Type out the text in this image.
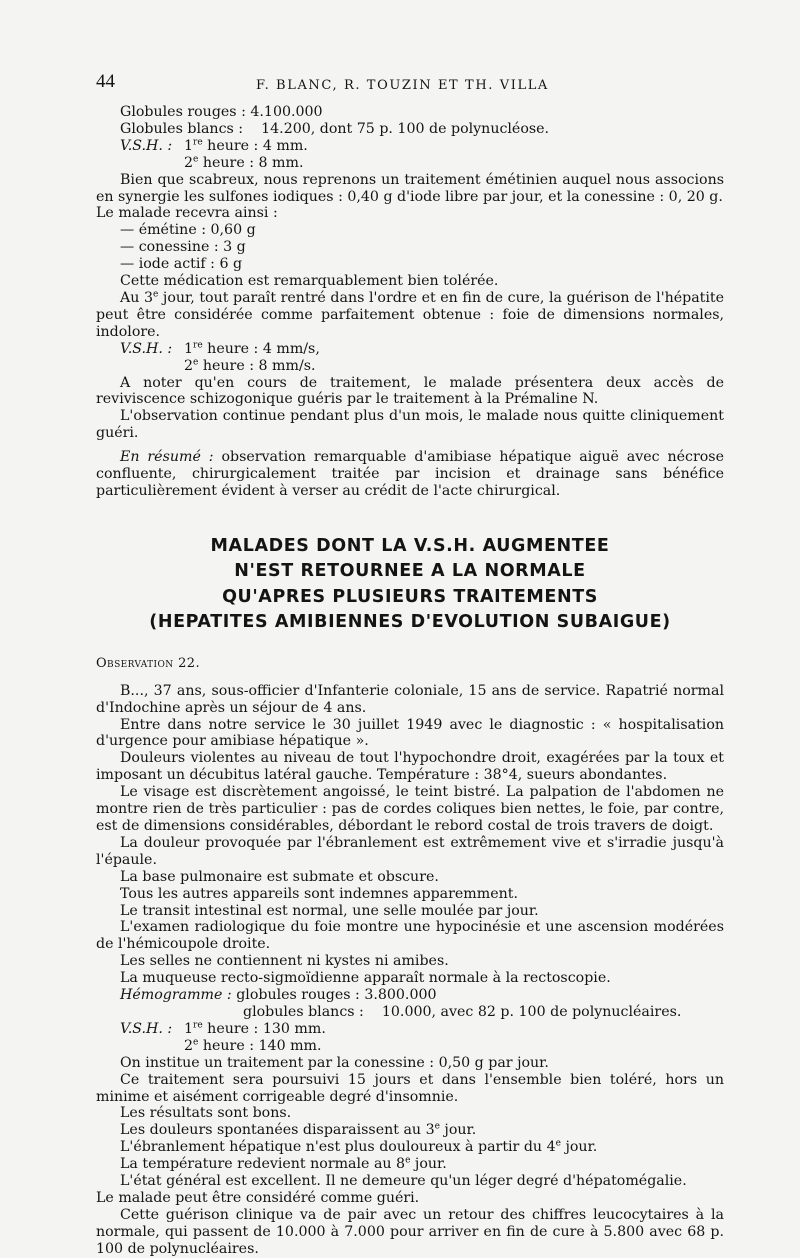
44	F. BLANC, R. TOUZIN ET TH. VILLA

Globules rouges : 4.100.000

Globules blancs :    14.200, dont 75 p. 100 de polynucléose.

V.S.H. : 1re heure : 4 mm.

2e heure : 8 mm.

Bien que scabreux, nous reprenons un traitement émétinien auquel nous associons en synergie les sulfones iodiques : 0,40 g d'iode libre par jour, et la conessine : 0, 20 g.

Le malade recevra ainsi :

— émétine : 0,60 g

— conessine : 3 g

— iode actif : 6 g

Cette médication est remarquablement bien tolérée.

Au 3e jour, tout paraît rentré dans l'ordre et en fin de cure, la guérison de l'hépatite peut être considérée comme parfaitement obtenue : foie de dimensions normales, indolore.

V.S.H. : 1re heure : 4 mm/s,

2e heure : 8 mm/s.

A noter qu'en cours de traitement, le malade présentera deux accès de reviviscence schizogonique guéris par le traitement à la Prémaline N.

L'observation continue pendant plus d'un mois, le malade nous quitte cliniquement guéri.

En résumé : observation remarquable d'amibiase hépatique aiguë avec nécrose confluente, chirurgicalement traitée par incision et drainage sans bénéfice particulièrement évident à verser au crédit de l'acte chirurgical.

MALADES DONT LA V.S.H. AUGMENTEE
N'EST RETOURNEE A LA NORMALE
QU'APRES PLUSIEURS TRAITEMENTS
(HEPATITES AMIBIENNES D'EVOLUTION SUBAIGUE)

Observation 22.

B..., 37 ans, sous-officier d'Infanterie coloniale, 15 ans de service. Rapatrié normal d'Indochine après un séjour de 4 ans.

Entre dans notre service le 30 juillet 1949 avec le diagnostic : « hospitalisation d'urgence pour amibiase hépatique ».

Douleurs violentes au niveau de tout l'hypochondre droit, exagérées par la toux et imposant un décubitus latéral gauche. Température : 38°4, sueurs abondantes.

Le visage est discrètement angoissé, le teint bistré. La palpation de l'abdomen ne montre rien de très particulier : pas de cordes coliques bien nettes, le foie, par contre, est de dimensions considérables, débordant le rebord costal de trois travers de doigt.

La douleur provoquée par l'ébranlement est extrêmement vive et s'irradie jusqu'à l'épaule.

La base pulmonaire est submate et obscure.

Tous les autres appareils sont indemnes apparemment.

Le transit intestinal est normal, une selle moulée par jour.

L'examen radiologique du foie montre une hypocinésie et une ascension modérées de l'hémicoupole droite.

Les selles ne contiennent ni kystes ni amibes.

La muqueuse recto-sigmoïdienne apparaît normale à la rectoscopie.

Hémogramme : globules rouges : 3.800.000

globules blancs :    10.000, avec 82 p. 100 de polynucléaires.

V.S.H. : 1re heure : 130 mm.

2e heure : 140 mm.

On institue un traitement par la conessine : 0,50 g par jour.

Ce traitement sera poursuivi 15 jours et dans l'ensemble bien toléré, hors un minime et aisément corrigeable degré d'insomnie.

Les résultats sont bons.

Les douleurs spontanées disparaissent au 3e jour.

L'ébranlement hépatique n'est plus douloureux à partir du 4e jour.

La température redevient normale au 8e jour.

L'état général est excellent. Il ne demeure qu'un léger degré d'hépatomégalie.

Le malade peut être considéré comme guéri.

Cette guérison clinique va de pair avec un retour des chiffres leucocytaires à la normale, qui passent de 10.000 à 7.000 pour arriver en fin de cure à 5.800 avec 68 p. 100 de polynucléaires.
